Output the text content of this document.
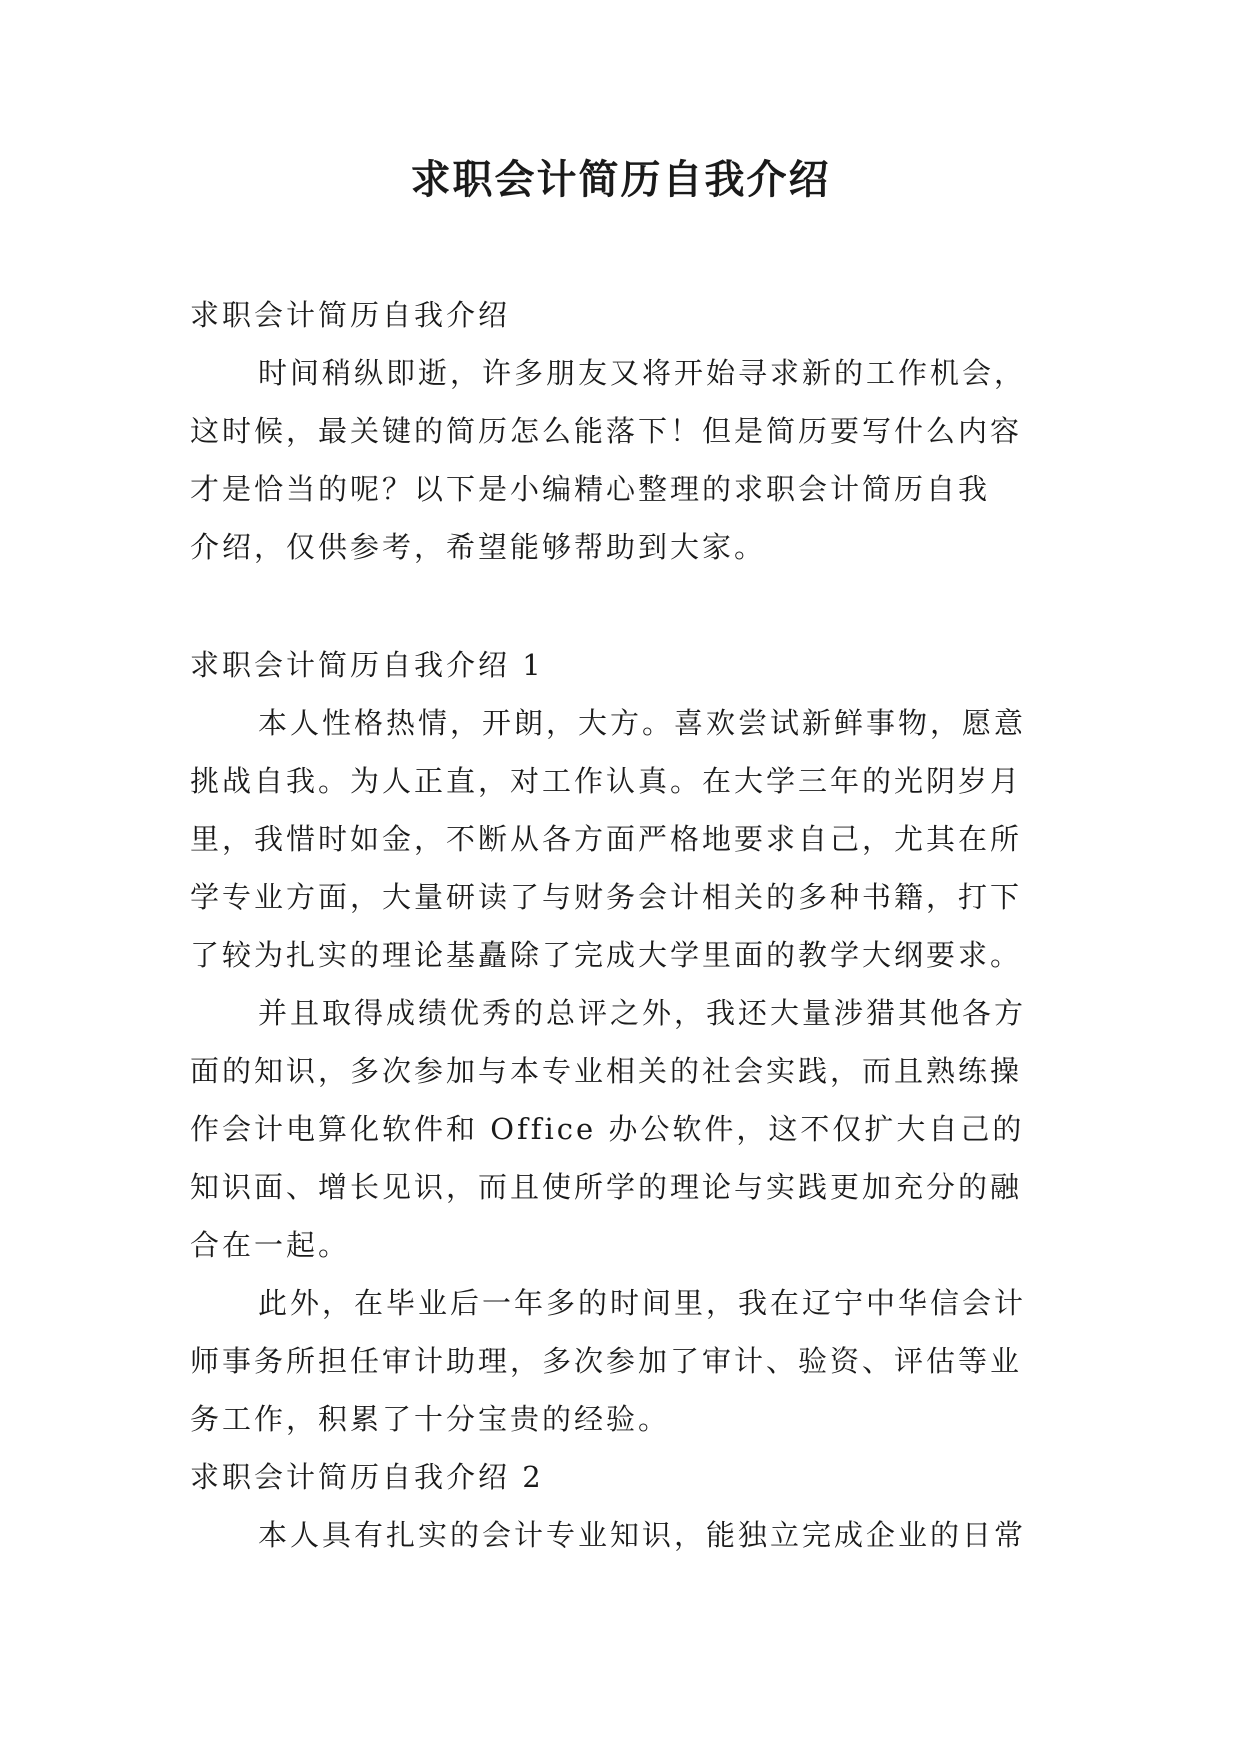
求职会计简历自我介绍
求职会计简历自我介绍
时间稍纵即逝，许多朋友又将开始寻求新的工作机会，
这时候，最关键的简历怎么能落下！但是简历要写什么内容
才是恰当的呢？以下是小编精心整理的求职会计简历自我
介绍，仅供参考，希望能够帮助到大家。
求职会计简历自我介绍 1
本人性格热情，开朗，大方。喜欢尝试新鲜事物，愿意
挑战自我。为人正直，对工作认真。在大学三年的光阴岁月
里，我惜时如金，不断从各方面严格地要求自己，尤其在所
学专业方面，大量研读了与财务会计相关的多种书籍，打下
了较为扎实的理论基矗除了完成大学里面的教学大纲要求。
并且取得成绩优秀的总评之外，我还大量涉猎其他各方
面的知识，多次参加与本专业相关的社会实践，而且熟练操
作会计电算化软件和 Office 办公软件，这不仅扩大自己的
知识面、增长见识，而且使所学的理论与实践更加充分的融
合在一起。
此外，在毕业后一年多的时间里，我在辽宁中华信会计
师事务所担任审计助理，多次参加了审计、验资、评估等业
务工作，积累了十分宝贵的经验。
求职会计简历自我介绍 2
本人具有扎实的会计专业知识，能独立完成企业的日常
